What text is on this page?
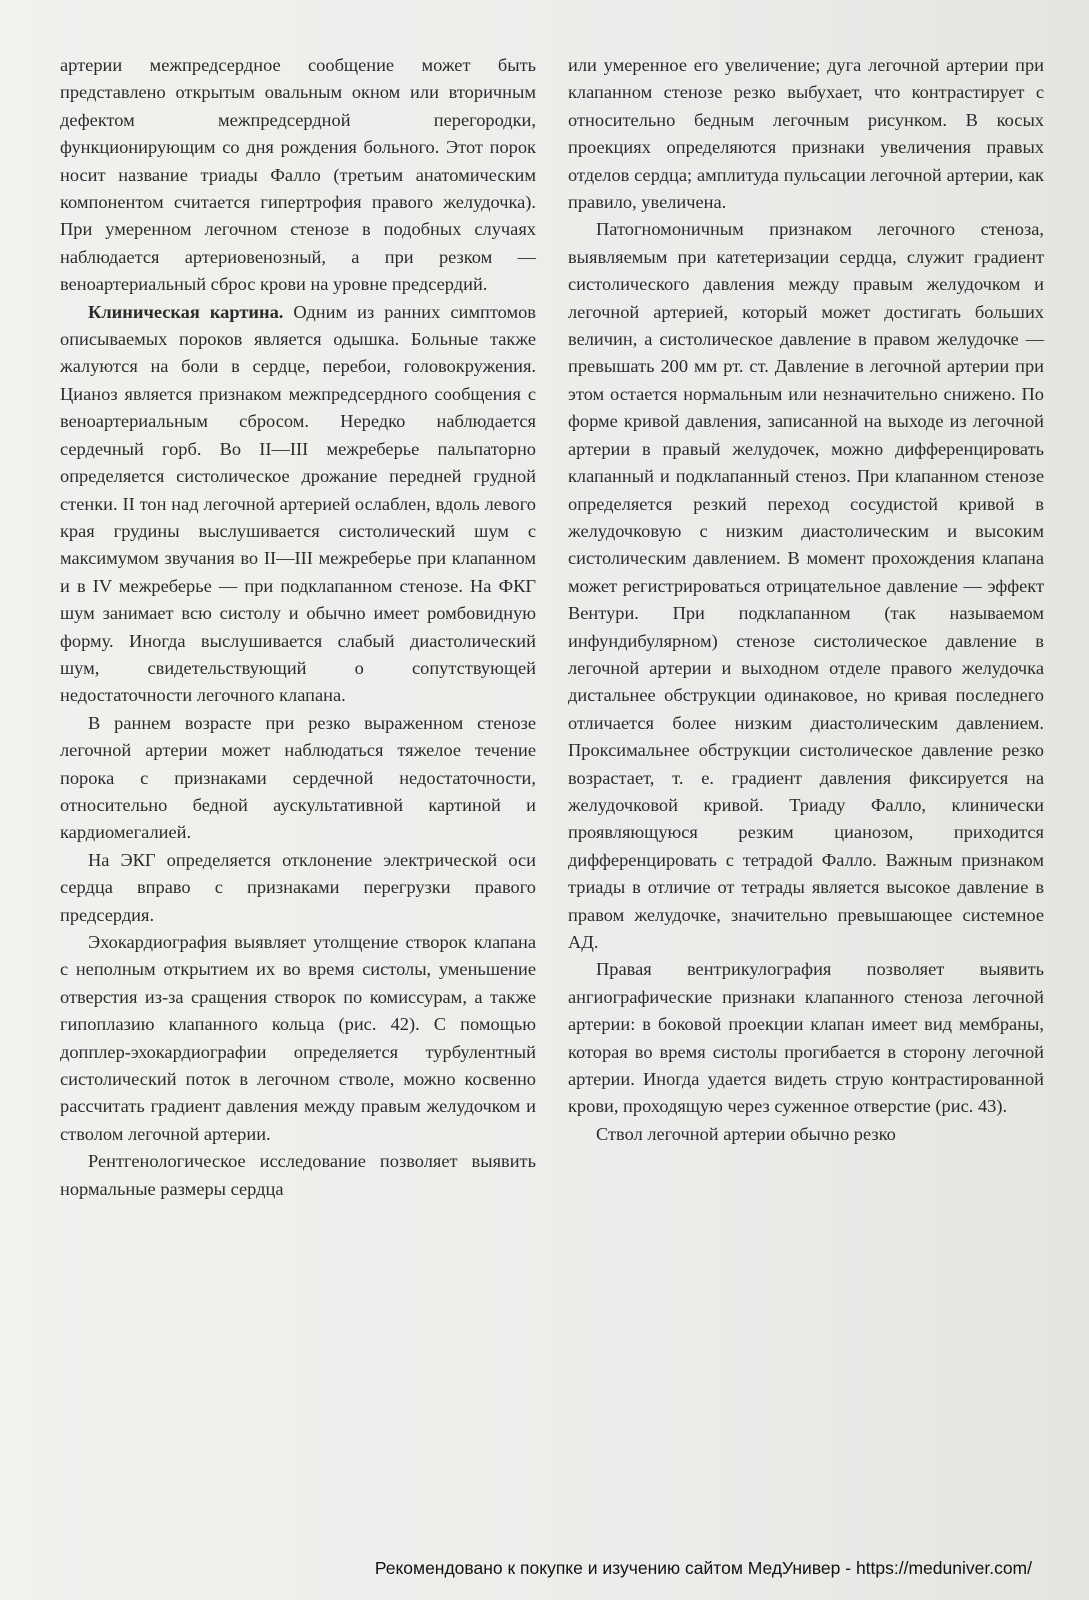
артерии межпредсердное сообщение может быть представлено открытым овальным окном или вторичным дефектом межпредсердной перегородки, функционирующим со дня рождения больного. Этот порок носит название триады Фалло (третьим анатомическим компонентом считается гипертрофия правого желудочка). При умеренном легочном стенозе в подобных случаях наблюдается артериовенозный, а при резком — веноартериальный сброс крови на уровне предсердий.

Клиническая картина. Одним из ранних симптомов описываемых пороков является одышка. Больные также жалуются на боли в сердце, перебои, головокружения. Цианоз является признаком межпредсердного сообщения с веноартериальным сбросом. Нередко наблюдается сердечный горб. Во II—III межреберье пальпаторно определяется систолическое дрожание передней грудной стенки. II тон над легочной артерией ослаблен, вдоль левого края грудины выслушивается систолический шум с максимумом звучания во II—III межреберье при клапанном и в IV межреберье — при подклапанном стенозе. На ФКГ шум занимает всю систолу и обычно имеет ромбовидную форму. Иногда выслушивается слабый диастолический шум, свидетельствующий о сопутствующей недостаточности легочного клапана.

В раннем возрасте при резко выраженном стенозе легочной артерии может наблюдаться тяжелое течение порока с признаками сердечной недостаточности, относительно бедной аускультативной картиной и кардиомегалией.

На ЭКГ определяется отклонение электрической оси сердца вправо с признаками перегрузки правого предсердия.

Эхокардиография выявляет утолщение створок клапана с неполным открытием их во время систолы, уменьшение отверстия из-за сращения створок по комиссурам, а также гипоплазию клапанного кольца (рис. 42). С помощью допплер-эхокардиографии определяется турбулентный систолический поток в легочном стволе, можно косвенно рассчитать градиент давления между правым желудочком и стволом легочной артерии.

Рентгенологическое исследование позволяет выявить нормальные размеры сердца

или умеренное его увеличение; дуга легочной артерии при клапанном стенозе резко выбухает, что контрастирует с относительно бедным легочным рисунком. В косых проекциях определяются признаки увеличения правых отделов сердца; амплитуда пульсации легочной артерии, как правило, увеличена.

Патогномоничным признаком легочного стеноза, выявляемым при катетеризации сердца, служит градиент систолического давления между правым желудочком и легочной артерией, который может достигать больших величин, а систолическое давление в правом желудочке — превышать 200 мм рт. ст. Давление в легочной артерии при этом остается нормальным или незначительно снижено. По форме кривой давления, записанной на выходе из легочной артерии в правый желудочек, можно дифференцировать клапанный и подклапанный стеноз. При клапанном стенозе определяется резкий переход сосудистой кривой в желудочковую с низким диастолическим и высоким систолическим давлением. В момент прохождения клапана может регистрироваться отрицательное давление — эффект Вентури. При подклапанном (так называемом инфундибулярном) стенозе систолическое давление в легочной артерии и выходном отделе правого желудочка дистальнее обструкции одинаковое, но кривая последнего отличается более низким диастолическим давлением. Проксимальнее обструкции систолическое давление резко возрастает, т. е. градиент давления фиксируется на желудочковой кривой. Триаду Фалло, клинически проявляющуюся резким цианозом, приходится дифференцировать с тетрадой Фалло. Важным признаком триады в отличие от тетрады является высокое давление в правом желудочке, значительно превышающее системное АД.

Правая вентрикулография позволяет выявить ангиографические признаки клапанного стеноза легочной артерии: в боковой проекции клапан имеет вид мембраны, которая во время систолы прогибается в сторону легочной артерии. Иногда удается видеть струю контрастированной крови, проходящую через суженное отверстие (рис. 43).

Ствол легочной артерии обычно резко

Рекомендовано к покупке и изучению сайтом МедУнивер - https://meduniver.com/
